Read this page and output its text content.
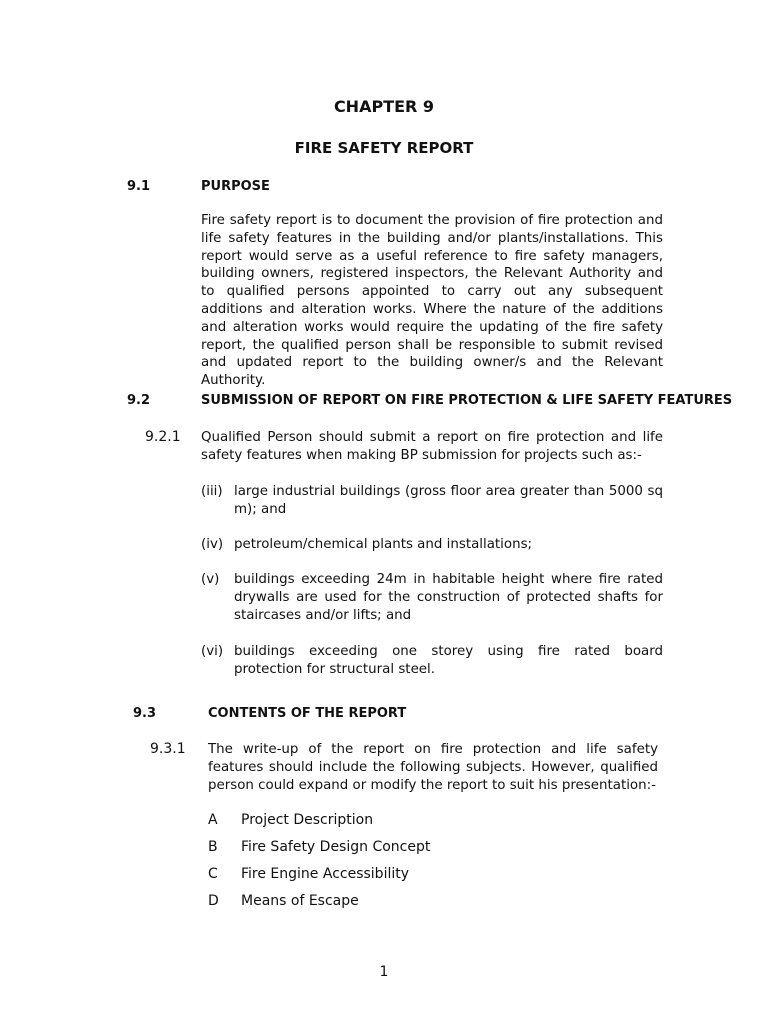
CHAPTER 9
FIRE SAFETY REPORT
9.1	PURPOSE
Fire safety report is to document the provision of fire protection and life safety features in the building and/or plants/installations. This report would serve as a useful reference to fire safety managers, building owners, registered inspectors, the Relevant Authority and to qualified persons appointed to carry out any subsequent additions and alteration works. Where the nature of the additions and alteration works would require the updating of the fire safety report, the qualified person shall be responsible to submit revised and updated report to the building owner/s and the Relevant Authority.
9.2	SUBMISSION OF REPORT ON FIRE PROTECTION & LIFE SAFETY FEATURES
9.2.1 Qualified Person should submit a report on fire protection and life safety features when making BP submission for projects such as:-
(iii) large industrial buildings (gross floor area greater than 5000 sq m); and
(iv) petroleum/chemical plants and installations;
(v) buildings exceeding 24m in habitable height where fire rated drywalls are used for the construction of protected shafts for staircases and/or lifts; and
(vi) buildings exceeding one storey using fire rated board protection for structural steel.
9.3	CONTENTS OF THE REPORT
9.3.1 The write-up of the report on fire protection and life safety features should include the following subjects. However, qualified person could expand or modify the report to suit his presentation:-
A Project Description
B Fire Safety Design Concept
C Fire Engine Accessibility
D Means of Escape
1
